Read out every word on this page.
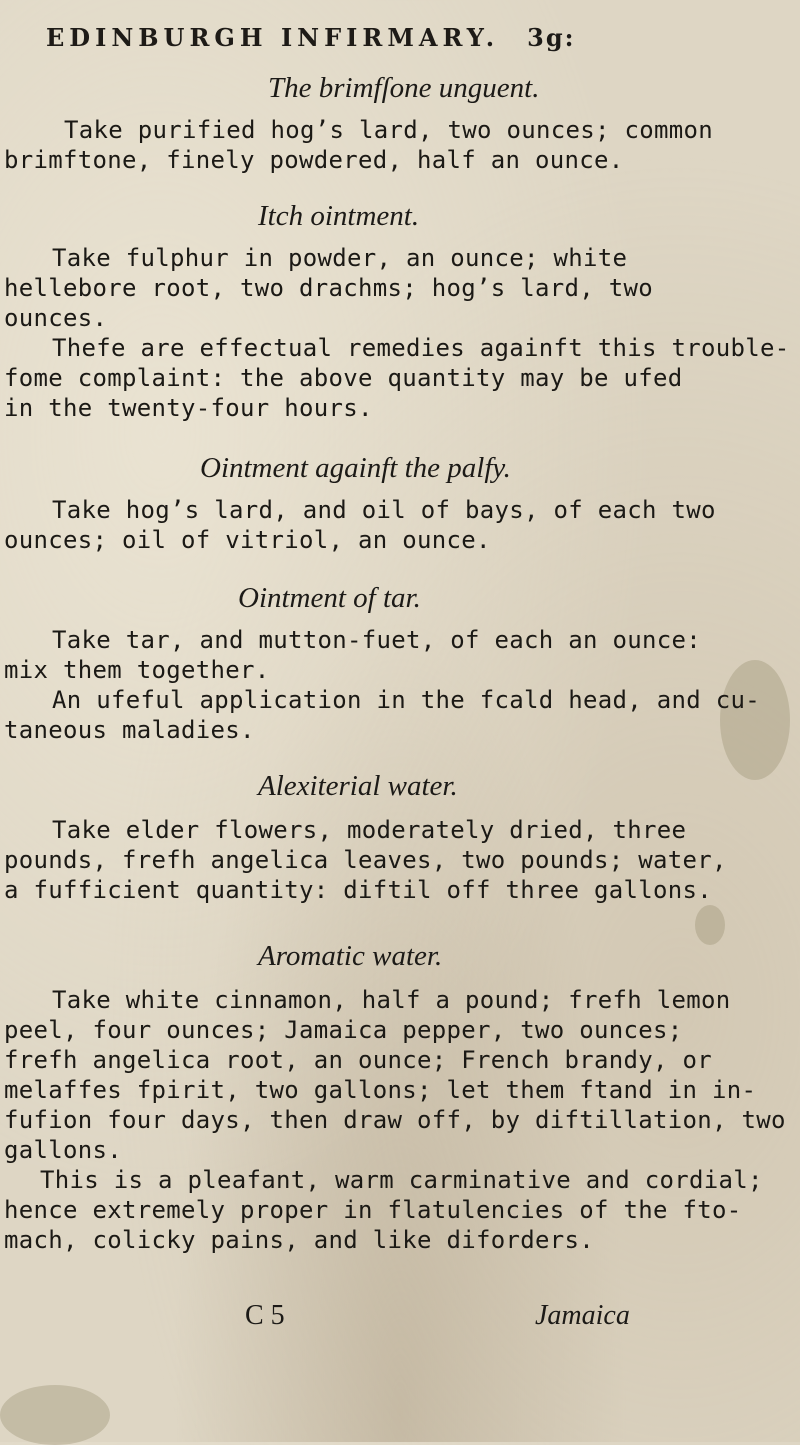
EDINBURGH INFIRMARY. 3g:
The brimfſone unguent.
Take purified hog’s lard, two ounces; common
brimftone, finely powdered, half an ounce.
Itch ointment.
Take fulphur in powder, an ounce; white
hellebore root, two drachms; hog’s lard, two
ounces.
Thefe are effectual remedies againft this trouble-
fome complaint: the above quantity may be ufed
in the twenty-four hours.
Ointment againft the palfy.
Take hog’s lard, and oil of bays, of each two
ounces; oil of vitriol, an ounce.
Ointment of tar.
Take tar, and mutton-fuet, of each an ounce:
mix them together.
An ufeful application in the fcald head, and cu-
taneous maladies.
Alexiterial water.
Take elder flowers, moderately dried, three
pounds, frefh angelica leaves, two pounds; water,
a fufficient quantity: diftil off three gallons.
Aromatic water.
Take white cinnamon, half a pound; frefh lemon
peel, four ounces; Jamaica pepper, two ounces;
frefh angelica root, an ounce; French brandy, or
melaffes fpirit, two gallons; let them ftand in in-
fufion four days, then draw off, by diftillation, two
gallons.
This is a pleafant, warm carminative and cordial;
hence extremely proper in flatulencies of the fto-
mach, colicky pains, and like diforders.
C 5	Jamaica
